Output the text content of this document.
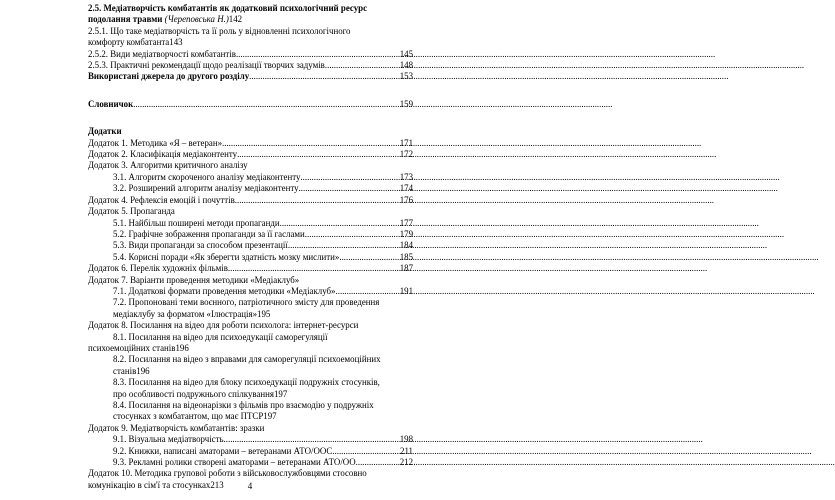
2.5. Медіатворчість комбатантів як додатковий психологічний ресурс
подолання травми (Череповська Н.) 142
2.5.1. Що таке медіатворчість та її роль у відновленні психологічного
комфорту комбатанта 143
2.5.2. Види медіатворчості комбатантів .....	145
2.5.3. Практичні рекомендації щодо реалізації творчих задумів .....	148
Використані джерела до другого розділу .....	153
Словничок .....	159
Додатки
Додаток 1. Методика «Я – ветеран» .....	171
Додаток 2. Класифікація медіаконтенту .....	172
Додаток 3. Алгоритми критичного аналізу
3.1. Алгоритм скороченого аналізу медіаконтенту .....	173
3.2. Розширений алгоритм аналізу медіаконтенту .....	174
Додаток 4. Рефлексія емоцій і почуттів .....	176
Додаток 5. Пропаганда
5.1. Найбільш поширені методи пропаганди .....	177
5.2. Графічне зображення пропаганди за її гаслами .....	179
5.3. Види пропаганди за способом презентації .....	184
5.4. Корисні поради «Як зберегти здатність мозку мислити» .....	185
Додаток 6. Перелік художніх фільмів .....	187
Додаток 7. Варіанти проведення методики «Медіаклуб»
7.1. Додаткові формати проведення методики «Медіаклуб» .....	191
7.2. Пропоновані теми воєнного, патріотичного змісту для проведення
медіаклубу за форматом «Ілюстрація» 195
Додаток 8. Посилання на відео для роботи психолога: інтернет-ресурси
8.1. Посилання на відео для психоедукації саморегуляції
психоемоційних станів 196
8.2. Посилання на відео з вправами для саморегуляції психоемоційних
станів 196
8.3. Посилання на відео для блоку психоедукації подружніх стосунків,
про особливості подружнього спілкування 197
8.4. Посилання на відеонарізки з фільмів про взаємодію у подружніх
стосунках з комбатантом, що має ПТСР 197
Додаток 9. Медіатворчість комбатантів: зразки
9.1. Візуальна медіатворчість .....	198
9.2. Книжки, написані аматорами – ветеранами АТО/ООС .....	211
9.3. Рекламні ролики створені аматорами – ветеранами АТО/ОО .....	212
Додаток 10. Методика групової роботи з військовослужбовцями стосовно
комунікацію в сім'ї та стосунках 213	4
